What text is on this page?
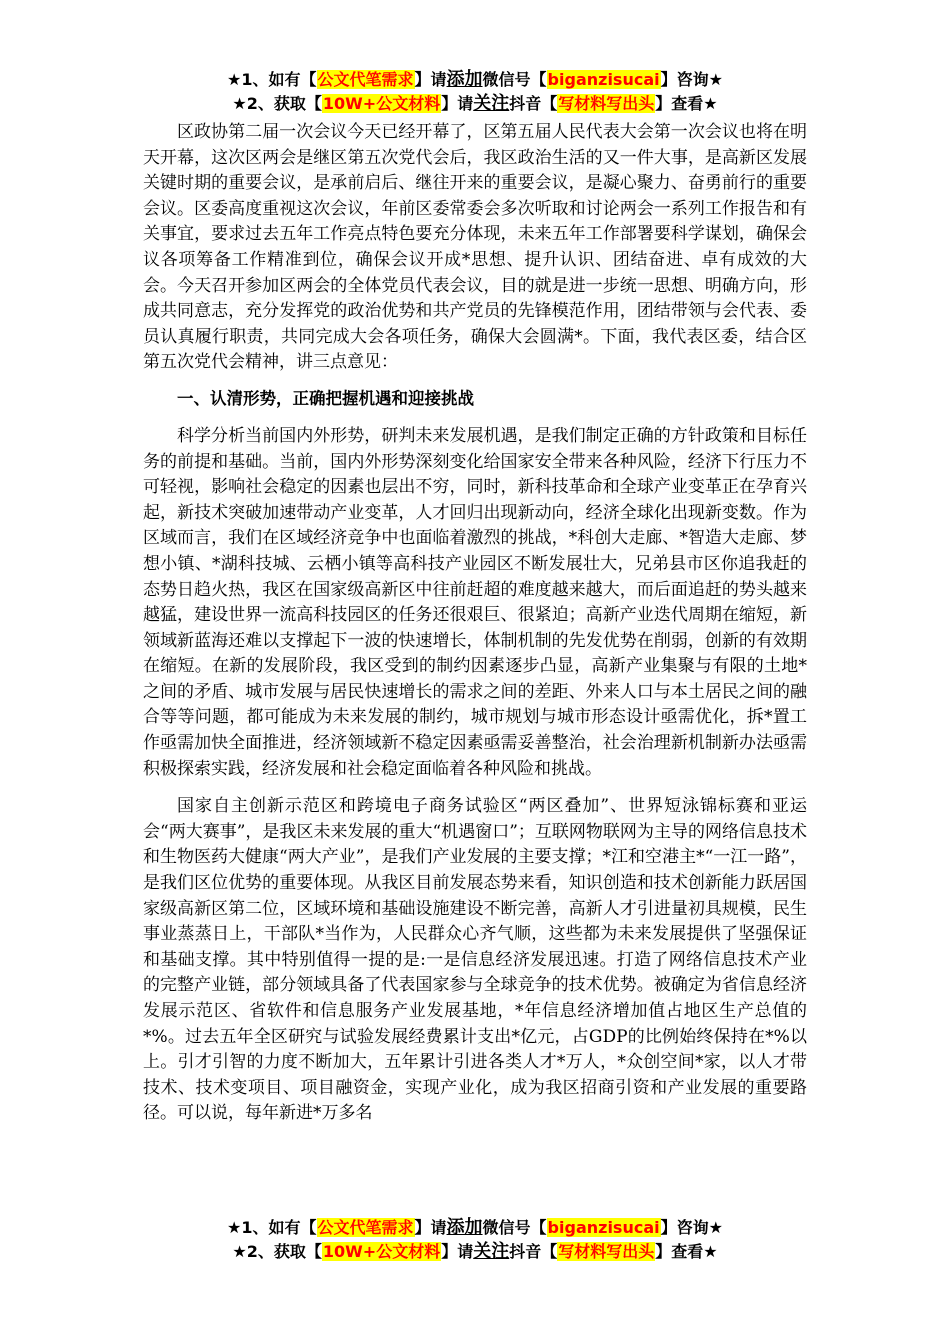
★1、如有【公文代笔需求】请添加微信号【biganzisucai】咨询★
★2、获取【10W+公文材料】请关注抖音【写材料写出头】查看★

区政协第二届一次会议今天已经开幕了，区第五届人民代表大会第一次会议也将在明天开幕，这次区两会是继区第五次党代会后，我区政治生活的又一件大事，是高新区发展关键时期的重要会议，是承前启后、继往开来的重要会议，是凝心聚力、奋勇前行的重要会议。区委高度重视这次会议，年前区委常委会多次听取和讨论两会一系列工作报告和有关事宜，要求过去五年工作亮点特色要充分体现，未来五年工作部署要科学谋划，确保会议各项筹备工作精准到位，确保会议开成*思想、提升认识、团结奋进、卓有成效的大会。今天召开参加区两会的全体党员代表会议，目的就是进一步统一思想、明确方向，形成共同意志，充分发挥党的政治优势和共产党员的先锋模范作用，团结带领与会代表、委员认真履行职责，共同完成大会各项任务，确保大会圆满*。下面，我代表区委，结合区第五次党代会精神，讲三点意见：

一、认清形势，正确把握机遇和迎接挑战

科学分析当前国内外形势，研判未来发展机遇，是我们制定正确的方针政策和目标任务的前提和基础。当前，国内外形势深刻变化给国家安全带来各种风险，经济下行压力不可轻视，影响社会稳定的因素也层出不穷，同时，新科技革命和全球产业变革正在孕育兴起，新技术突破加速带动产业变革，人才回归出现新动向，经济全球化出现新变数。作为区域而言，我们在区域经济竞争中也面临着激烈的挑战，*科创大走廊、*智造大走廊、梦想小镇、*湖科技城、云栖小镇等高科技产业园区不断发展壮大，兄弟县市区你追我赶的态势日趋火热，我区在国家级高新区中往前赶超的难度越来越大，而后面追赶的势头越来越猛，建设世界一流高科技园区的任务还很艰巨、很紧迫；高新产业迭代周期在缩短，新领域新蓝海还难以支撑起下一波的快速增长，体制机制的先发优势在削弱，创新的有效期在缩短。在新的发展阶段，我区受到的制约因素逐步凸显，高新产业集聚与有限的土地*之间的矛盾、城市发展与居民快速增长的需求之间的差距、外来人口与本土居民之间的融合等等问题，都可能成为未来发展的制约，城市规划与城市形态设计亟需优化，拆*置工作亟需加快全面推进，经济领域新不稳定因素亟需妥善整治，社会治理新机制新办法亟需积极探索实践，经济发展和社会稳定面临着各种风险和挑战。

国家自主创新示范区和跨境电子商务试验区“两区叠加”、世界短泳锦标赛和亚运会“两大赛事”，是我区未来发展的重大“机遇窗口”；互联网物联网为主导的网络信息技术和生物医药大健康“两大产业”，是我们产业发展的主要支撑；*江和空港主*“一江一路”，是我们区位优势的重要体现。从我区目前发展态势来看，知识创造和技术创新能力跃居国家级高新区第二位，区域环境和基础设施建设不断完善，高新人才引进量初具规模，民生事业蒸蒸日上，干部队*当作为，人民群众心齐气顺，这些都为未来发展提供了坚强保证和基础支撑。其中特别值得一提的是:一是信息经济发展迅速。打造了网络信息技术产业的完整产业链，部分领域具备了代表国家参与全球竞争的技术优势。被确定为省信息经济发展示范区、省软件和信息服务产业发展基地，*年信息经济增加值占地区生产总值的*%。过去五年全区研究与试验发展经费累计支出*亿元，占GDP的比例始终保持在*%以上。引才引智的力度不断加大，五年累计引进各类人才*万人，*众创空间*家，以人才带技术、技术变项目、项目融资金，实现产业化，成为我区招商引资和产业发展的重要路径。可以说，每年新进*万多名

★1、如有【公文代笔需求】请添加微信号【biganzisucai】咨询★
★2、获取【10W+公文材料】请关注抖音【写材料写出头】查看★
